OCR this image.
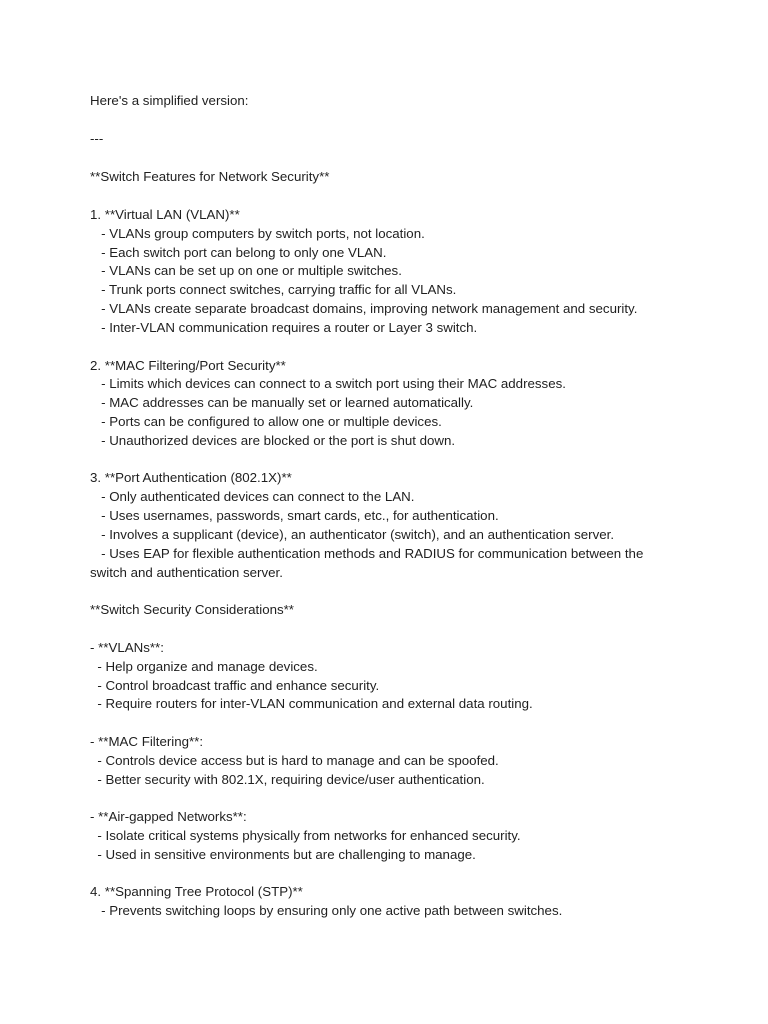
Here's a simplified version:
---
**Switch Features for Network Security**
1. **Virtual LAN (VLAN)**
- VLANs group computers by switch ports, not location.
- Each switch port can belong to only one VLAN.
- VLANs can be set up on one or multiple switches.
- Trunk ports connect switches, carrying traffic for all VLANs.
- VLANs create separate broadcast domains, improving network management and security.
- Inter-VLAN communication requires a router or Layer 3 switch.
2. **MAC Filtering/Port Security**
- Limits which devices can connect to a switch port using their MAC addresses.
- MAC addresses can be manually set or learned automatically.
- Ports can be configured to allow one or multiple devices.
- Unauthorized devices are blocked or the port is shut down.
3. **Port Authentication (802.1X)**
- Only authenticated devices can connect to the LAN.
- Uses usernames, passwords, smart cards, etc., for authentication.
- Involves a supplicant (device), an authenticator (switch), and an authentication server.
- Uses EAP for flexible authentication methods and RADIUS for communication between the
switch and authentication server.
**Switch Security Considerations**
- **VLANs**:
- Help organize and manage devices.
- Control broadcast traffic and enhance security.
- Require routers for inter-VLAN communication and external data routing.
- **MAC Filtering**:
- Controls device access but is hard to manage and can be spoofed.
- Better security with 802.1X, requiring device/user authentication.
- **Air-gapped Networks**:
- Isolate critical systems physically from networks for enhanced security.
- Used in sensitive environments but are challenging to manage.
4. **Spanning Tree Protocol (STP)**
- Prevents switching loops by ensuring only one active path between switches.
